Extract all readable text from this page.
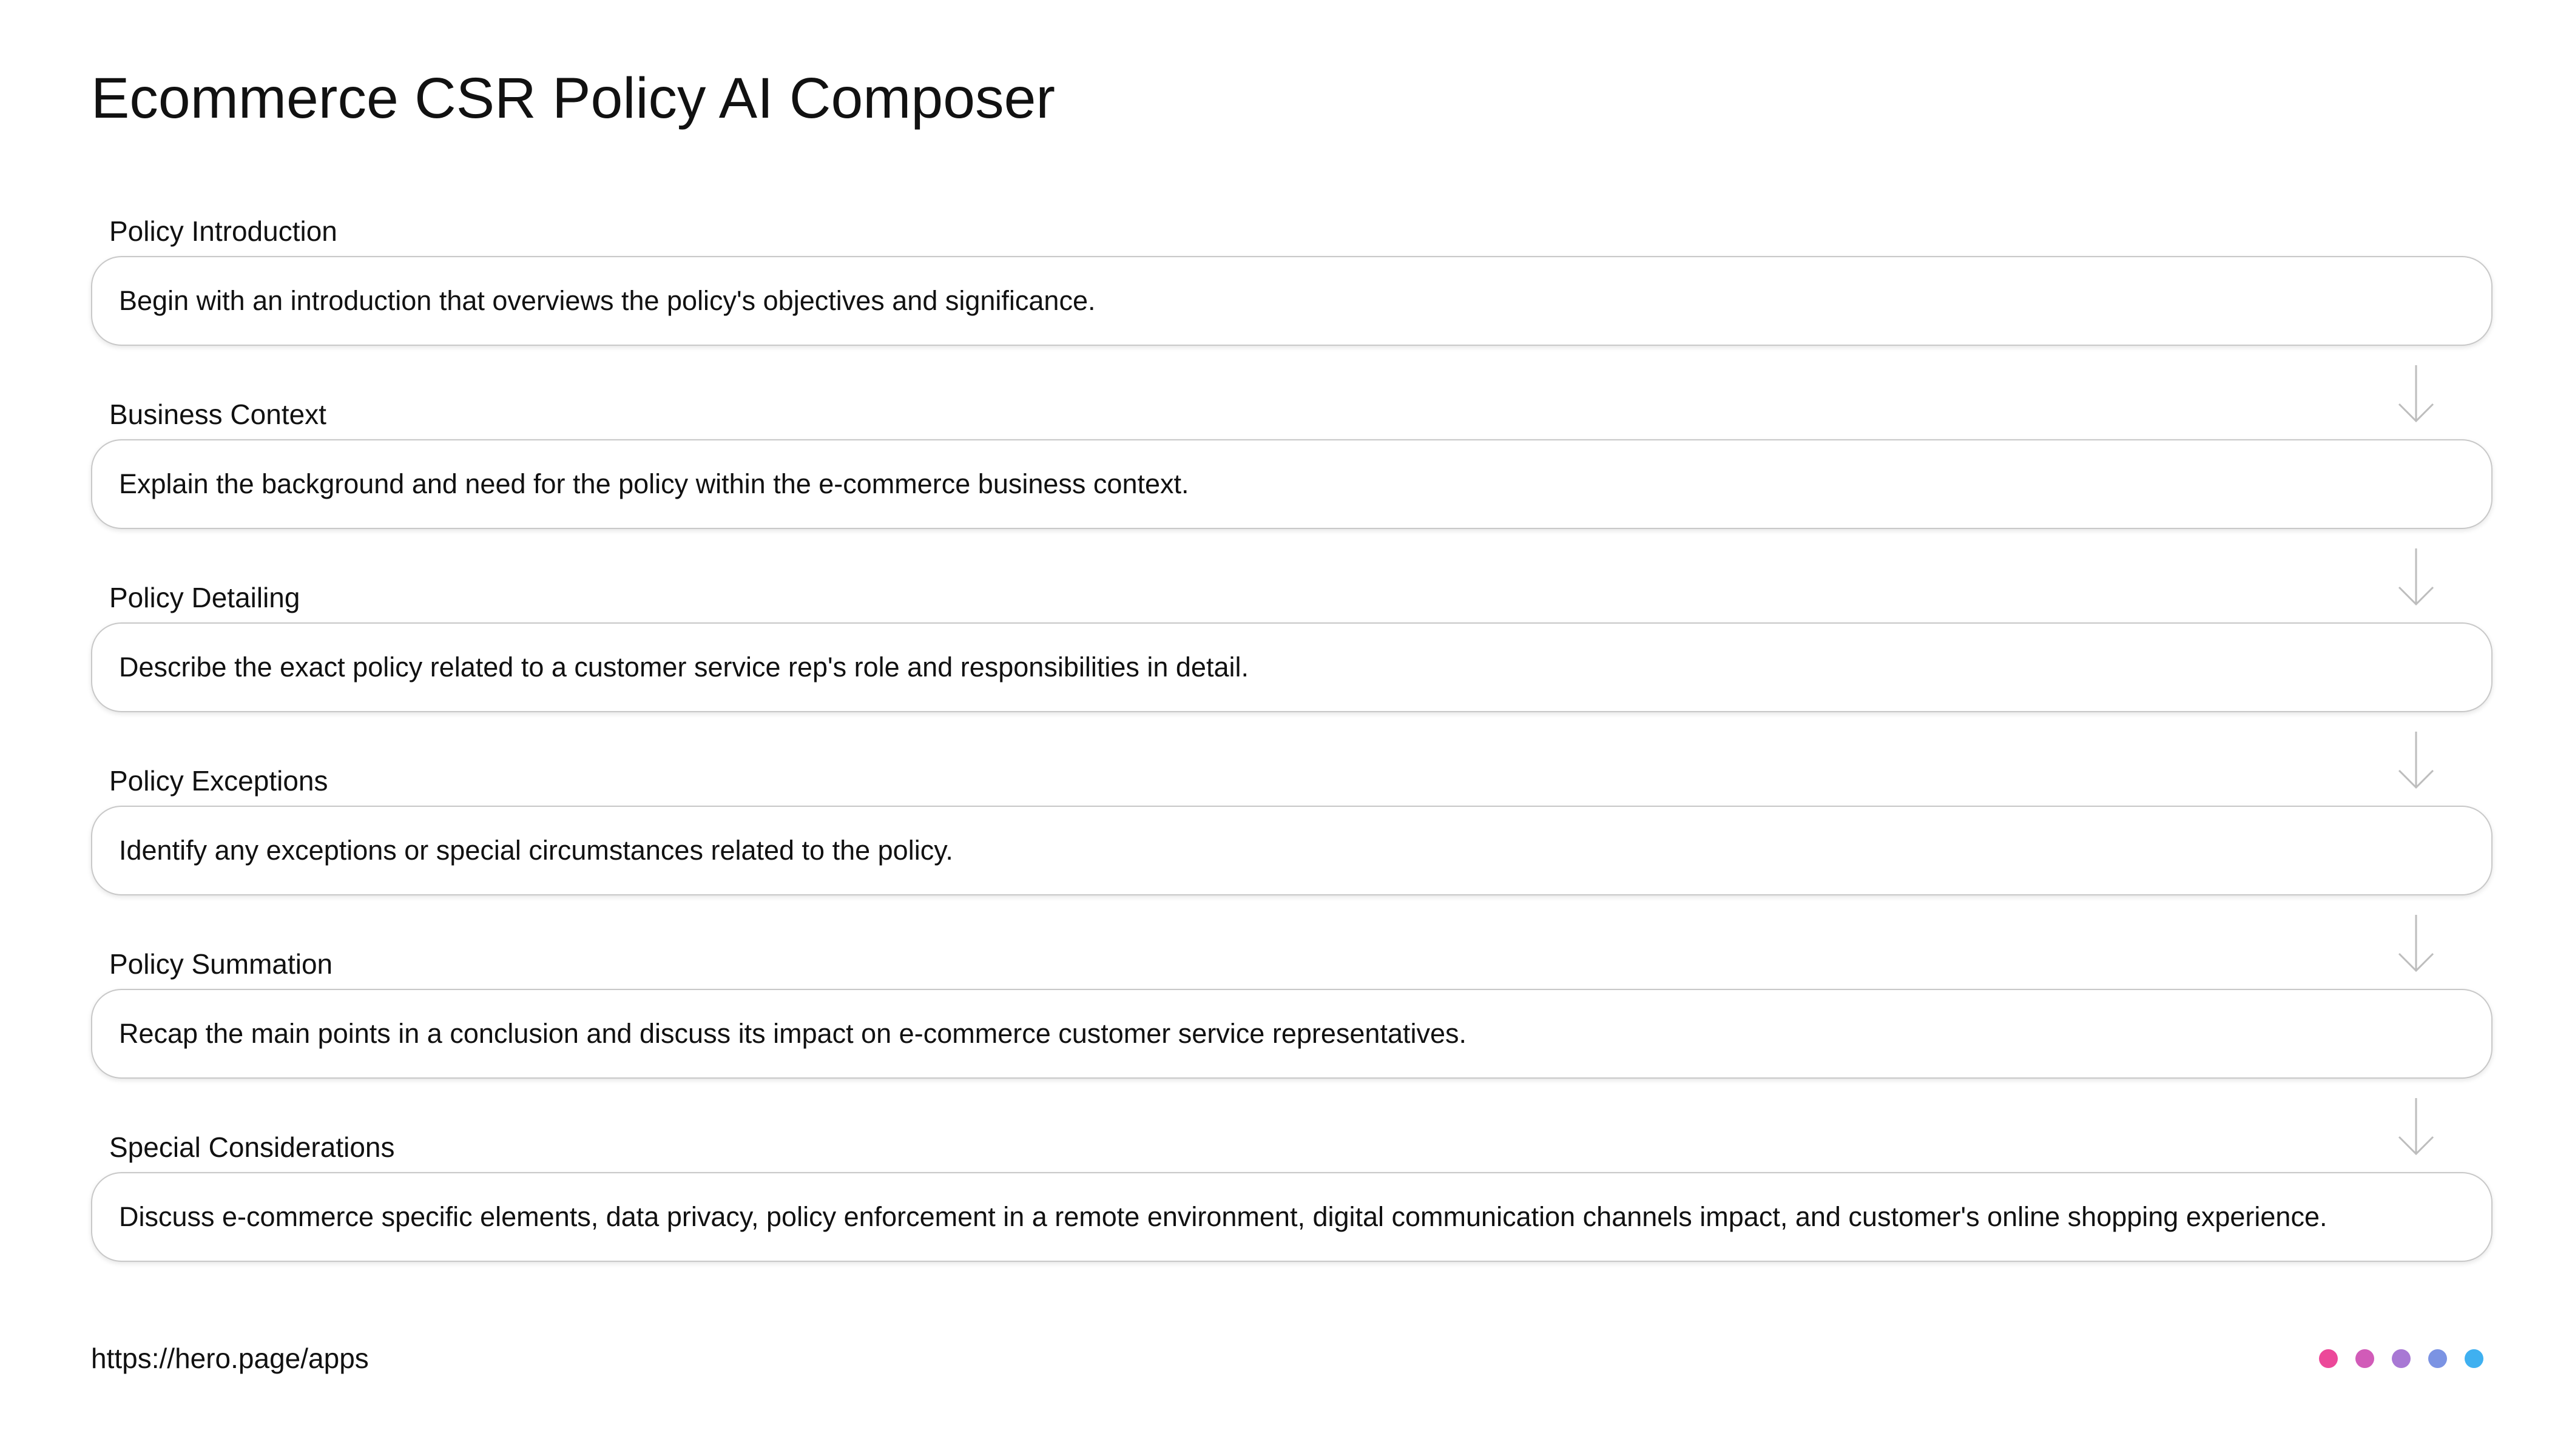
Ecommerce CSR Policy AI Composer
Policy Introduction
Begin with an introduction that overviews the policy's objectives and significance.
Business Context
Explain the background and need for the policy within the e-commerce business context.
Policy Detailing
Describe the exact policy related to a customer service rep's role and responsibilities in detail.
Policy Exceptions
Identify any exceptions or special circumstances related to the policy.
Policy Summation
Recap the main points in a conclusion and discuss its impact on e-commerce customer service representatives.
Special Considerations
Discuss e-commerce specific elements, data privacy, policy enforcement in a remote environment, digital communication channels impact, and customer's online shopping experience.
https://hero.page/apps
